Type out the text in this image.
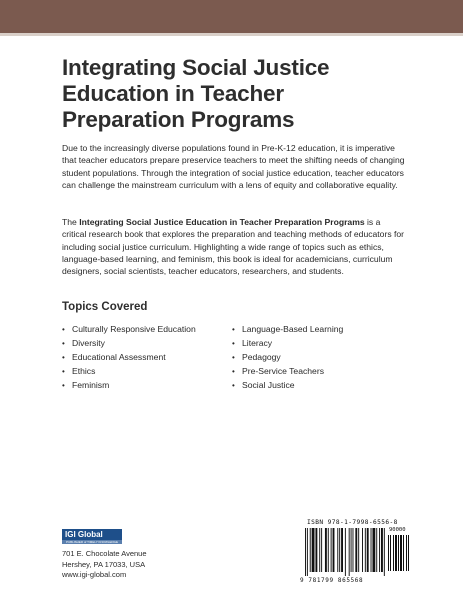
Integrating Social Justice Education in Teacher Preparation Programs

Due to the increasingly diverse populations found in Pre-K-12 education, it is imperative that teacher educators prepare preservice teachers to meet the shifting needs of changing student populations. Through the integration of social justice education, teacher educators can challenge the mainstream curriculum with a lens of equity and collaborative equality.

The Integrating Social Justice Education in Teacher Preparation Programs is a critical research book that explores the preparation and teaching methods of educators for including social justice curriculum. Highlighting a wide range of topics such as ethics, language-based learning, and feminism, this book is ideal for academicians, curriculum designers, social scientists, teacher educators, researchers, and students.

Topics Covered
• Culturally Responsive Education
• Diversity
• Educational Assessment
• Ethics
• Feminism
• Language-Based Learning
• Literacy
• Pedagogy
• Pre-Service Teachers
• Social Justice
IGI Global
PUBLISHER of TIMELY KNOWLEDGE
701 E. Chocolate Avenue
Hershey, PA 17033, USA
www.igi-global.com
ISBN 978-1-7998-6556-8
90000
9 781799 865568
